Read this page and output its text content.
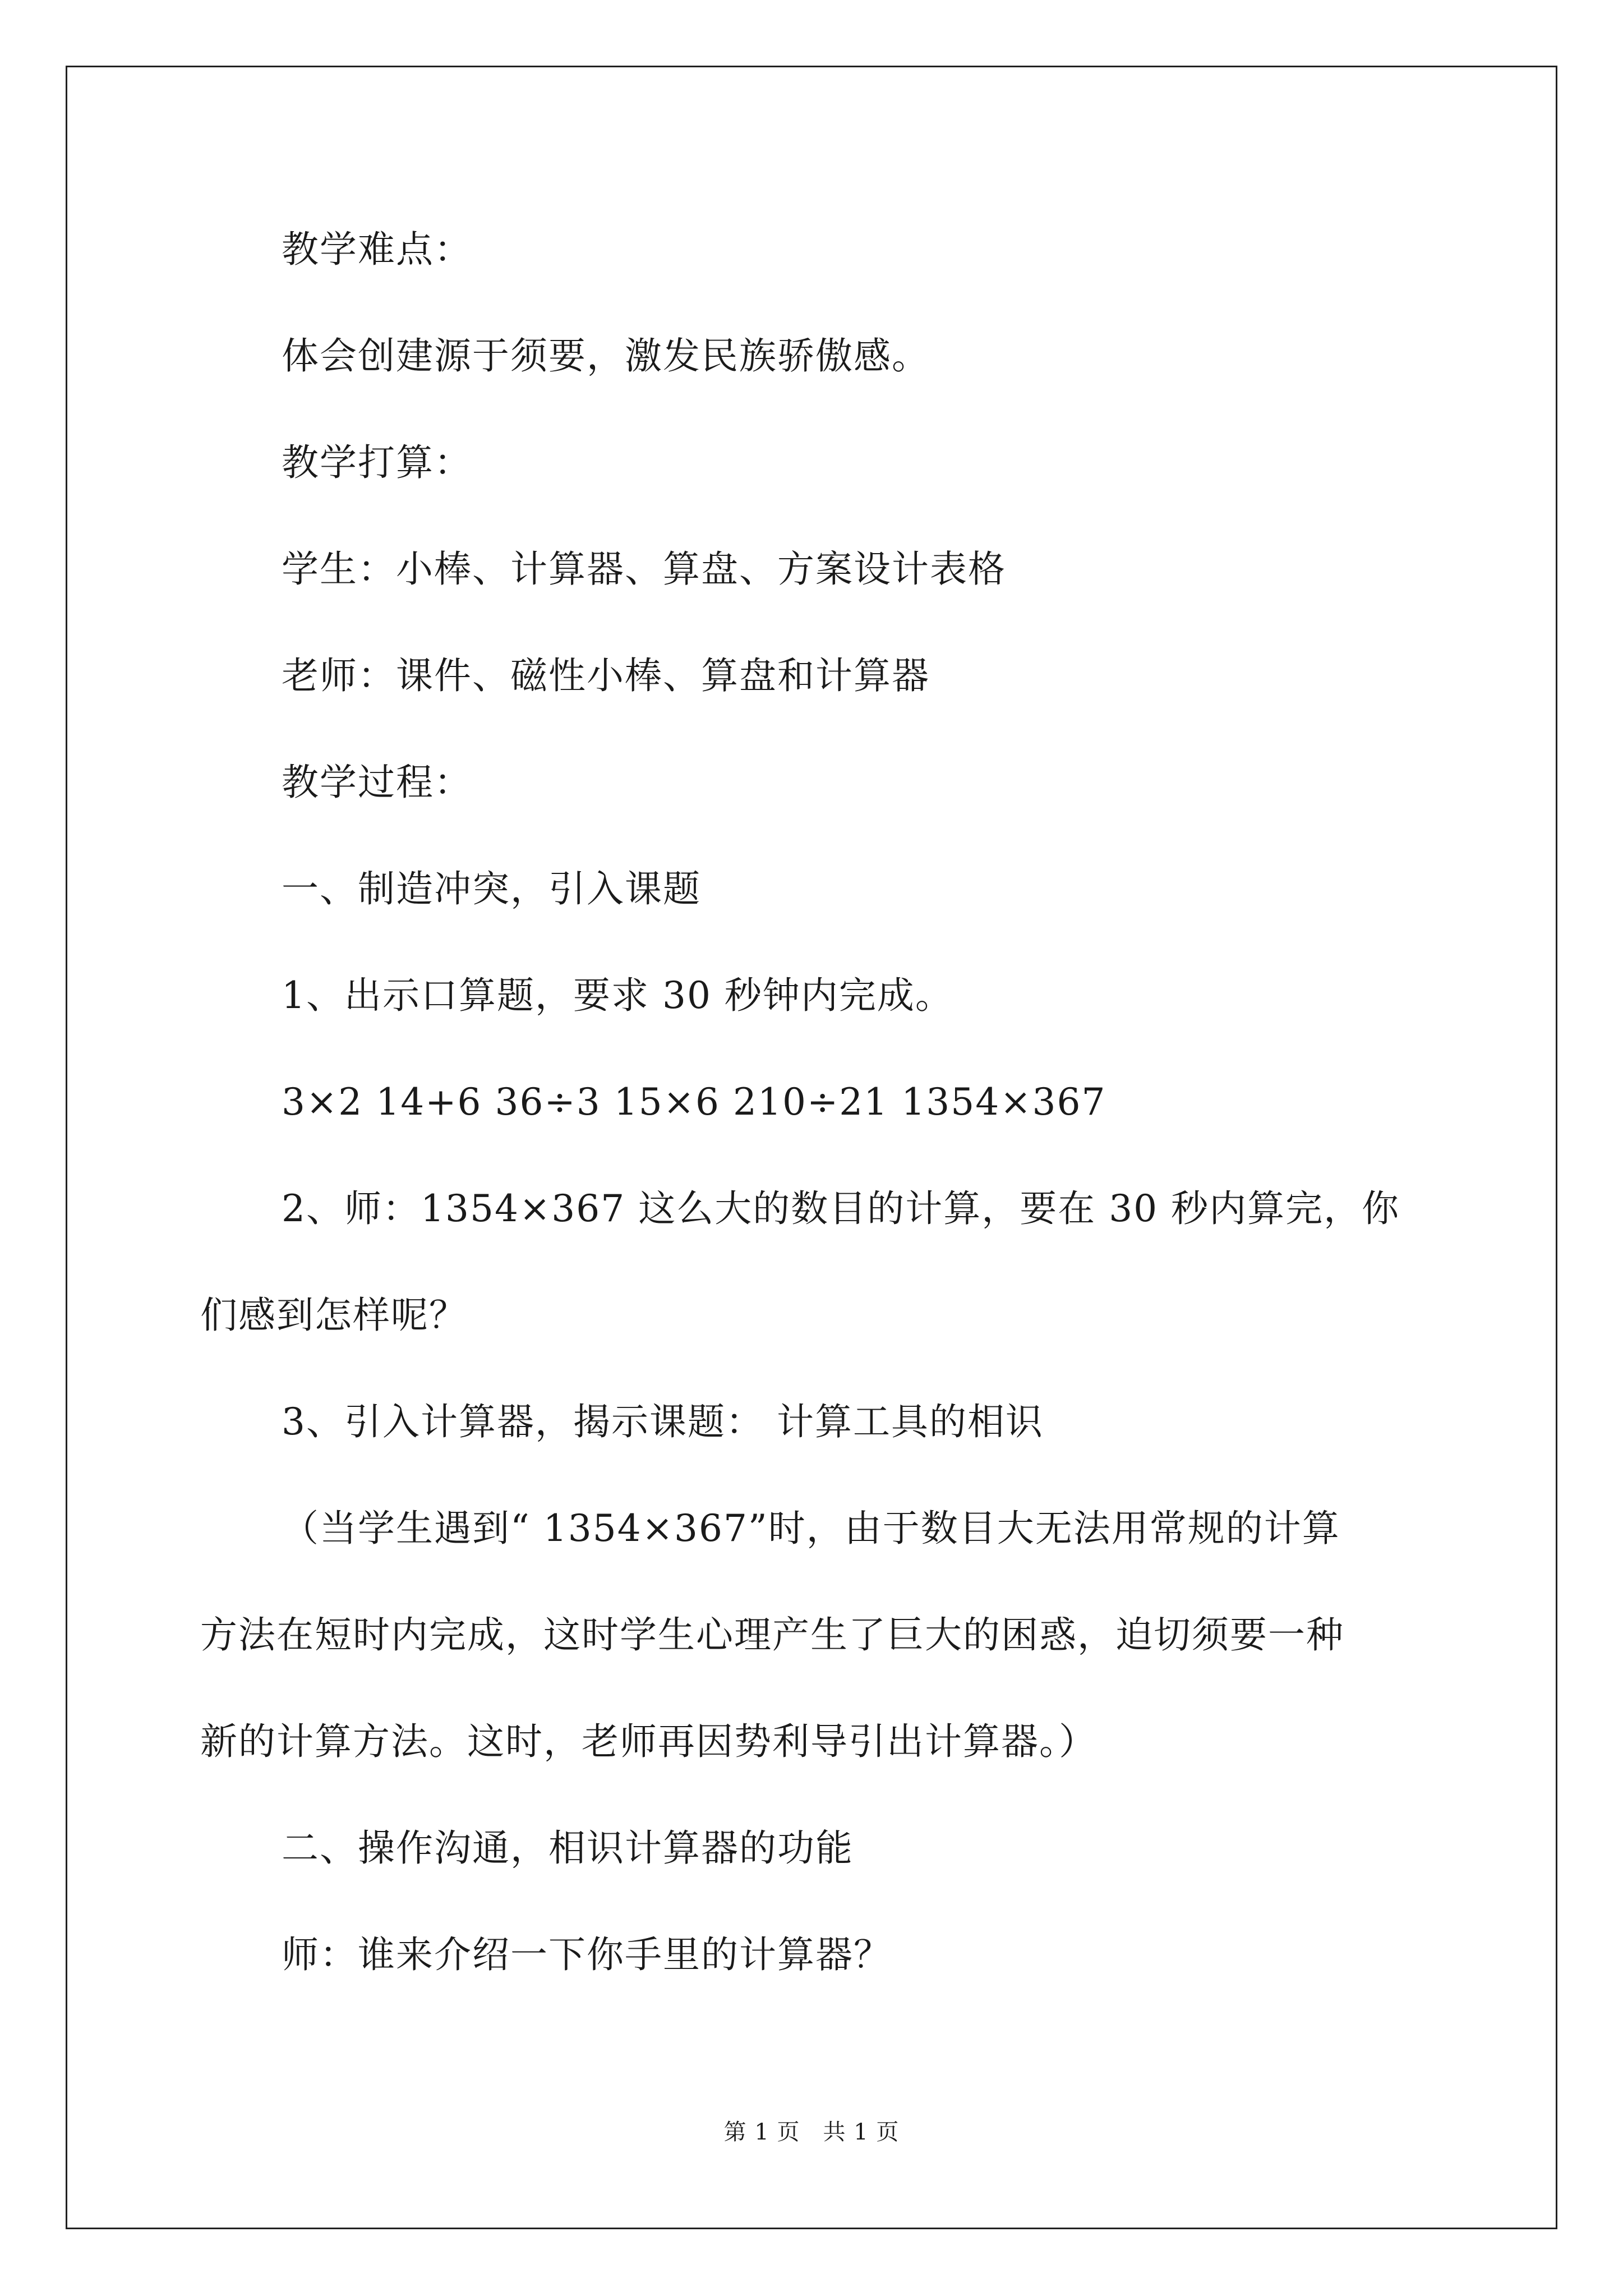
教学难点：

体会创建源于须要，激发民族骄傲感。

教学打算：

学生：小棒、计算器、算盘、方案设计表格

老师：课件、磁性小棒、算盘和计算器

教学过程：

一、制造冲突，引入课题

1、出示口算题，要求 30 秒钟内完成。

3×2 14+6 36÷3 15×6 210÷21 1354×367

2、师：1354×367 这么大的数目的计算，要在 30 秒内算完，你

们感到怎样呢？

3、引入计算器，揭示课题： 计算工具的相识

（当学生遇到“ 1354×367”时，由于数目大无法用常规的计算

方法在短时内完成，这时学生心理产生了巨大的困惑，迫切须要一种

新的计算方法。这时，老师再因势利导引出计算器。）

二、操作沟通，相识计算器的功能

师：谁来介绍一下你手里的计算器？

第 1 页　共 1 页
